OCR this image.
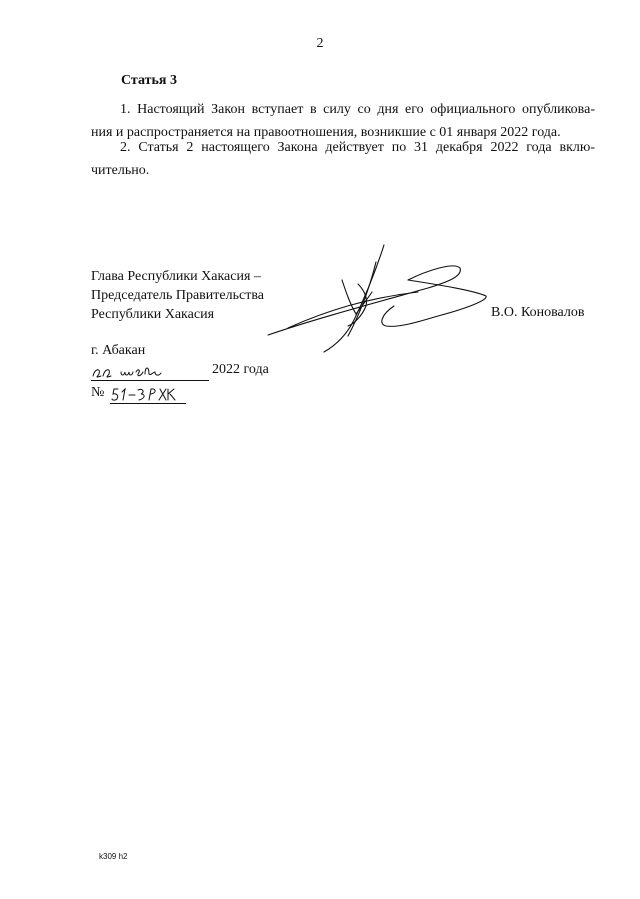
2
Статья 3
1. Настоящий Закон вступает в силу со дня его официального опубликова-
ния и распространяется на правоотношения, возникшие с 01 января 2022 года.
2. Статья 2 настоящего Закона действует по 31 декабря 2022 года вклю-
чительно.
Глава Республики Хакасия –
Председатель Правительства
Республики Хакасия	В.О. Коновалов
г. Абакан
2022 года
№
k309 h2
